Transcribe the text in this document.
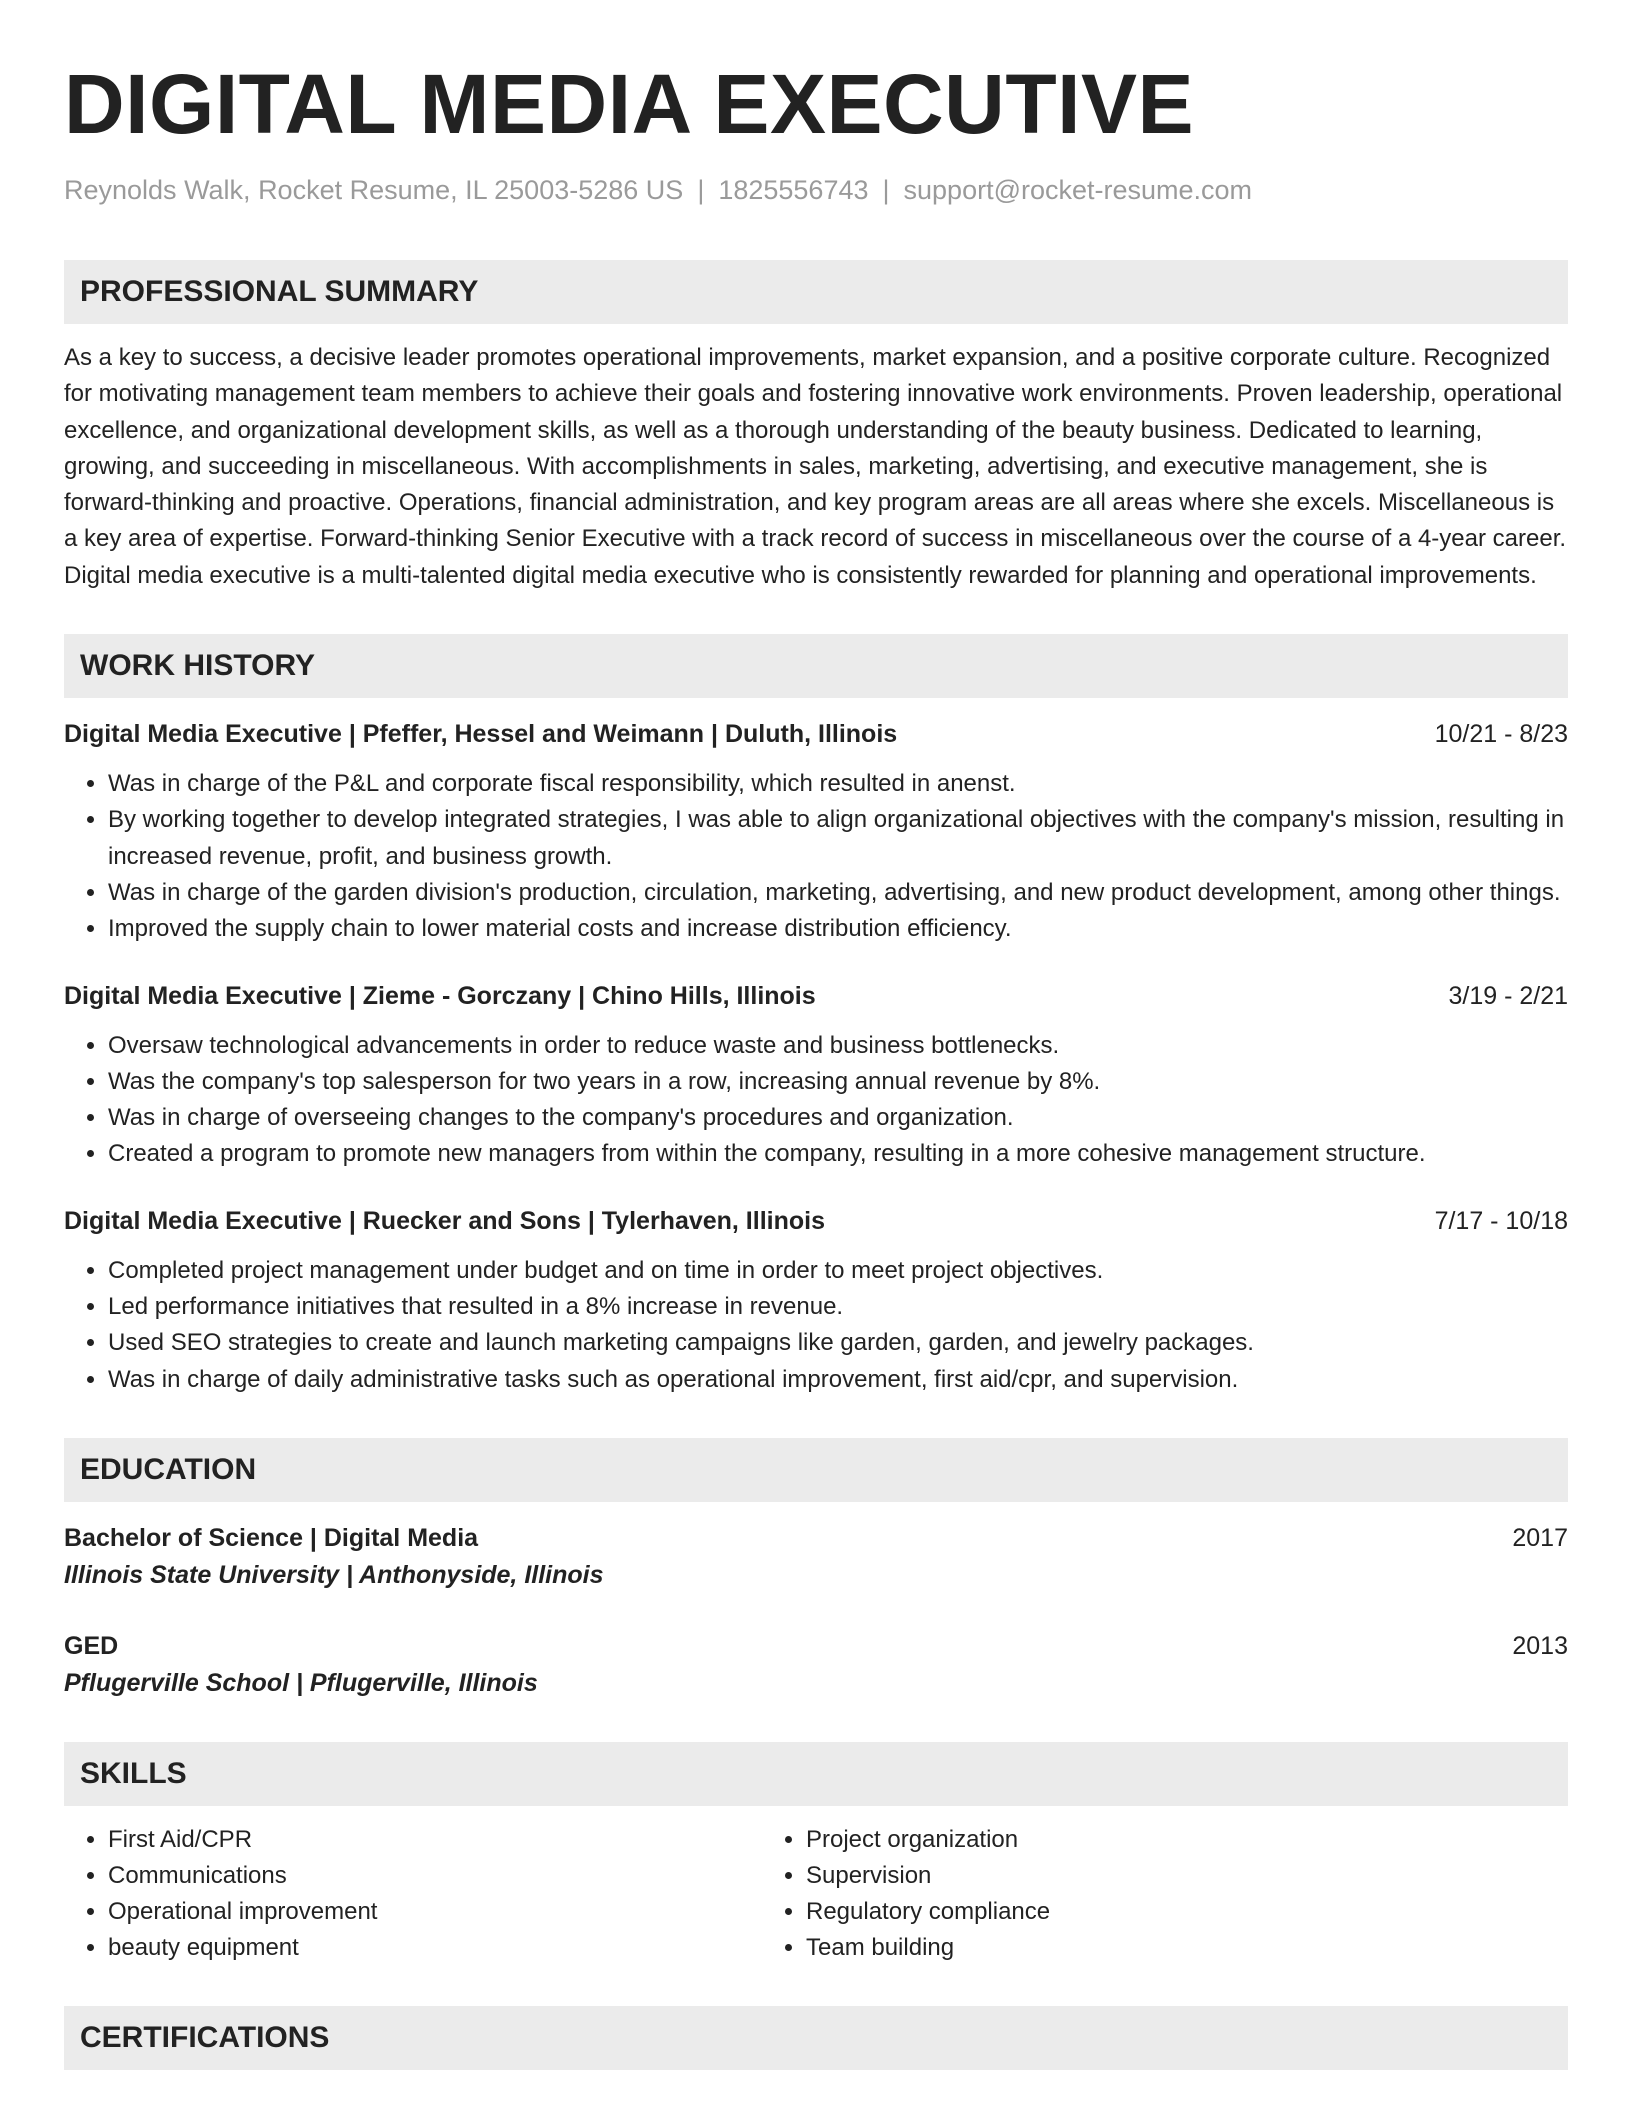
DIGITAL MEDIA EXECUTIVE
Reynolds Walk, Rocket Resume, IL 25003-5286 US | 1825556743 | support@rocket-resume.com
PROFESSIONAL SUMMARY
As a key to success, a decisive leader promotes operational improvements, market expansion, and a positive corporate culture. Recognized for motivating management team members to achieve their goals and fostering innovative work environments. Proven leadership, operational excellence, and organizational development skills, as well as a thorough understanding of the beauty business. Dedicated to learning, growing, and succeeding in miscellaneous. With accomplishments in sales, marketing, advertising, and executive management, she is forward-thinking and proactive. Operations, financial administration, and key program areas are all areas where she excels. Miscellaneous is a key area of expertise. Forward-thinking Senior Executive with a track record of success in miscellaneous over the course of a 4-year career. Digital media executive is a multi-talented digital media executive who is consistently rewarded for planning and operational improvements.
WORK HISTORY
Digital Media Executive | Pfeffer, Hessel and Weimann | Duluth, Illinois	10/21 - 8/23
• Was in charge of the P&L and corporate fiscal responsibility, which resulted in anenst.
• By working together to develop integrated strategies, I was able to align organizational objectives with the company's mission, resulting in increased revenue, profit, and business growth.
• Was in charge of the garden division's production, circulation, marketing, advertising, and new product development, among other things.
• Improved the supply chain to lower material costs and increase distribution efficiency.
Digital Media Executive | Zieme - Gorczany | Chino Hills, Illinois	3/19 - 2/21
• Oversaw technological advancements in order to reduce waste and business bottlenecks.
• Was the company's top salesperson for two years in a row, increasing annual revenue by 8%.
• Was in charge of overseeing changes to the company's procedures and organization.
• Created a program to promote new managers from within the company, resulting in a more cohesive management structure.
Digital Media Executive | Ruecker and Sons | Tylerhaven, Illinois	7/17 - 10/18
• Completed project management under budget and on time in order to meet project objectives.
• Led performance initiatives that resulted in a 8% increase in revenue.
• Used SEO strategies to create and launch marketing campaigns like garden, garden, and jewelry packages.
• Was in charge of daily administrative tasks such as operational improvement, first aid/cpr, and supervision.
EDUCATION
Bachelor of Science | Digital Media	2017
Illinois State University | Anthonyside, Illinois
GED	2013
Pflugerville School | Pflugerville, Illinois
SKILLS
• First Aid/CPR
• Communications
• Operational improvement
• beauty equipment
• Project organization
• Supervision
• Regulatory compliance
• Team building
CERTIFICATIONS
